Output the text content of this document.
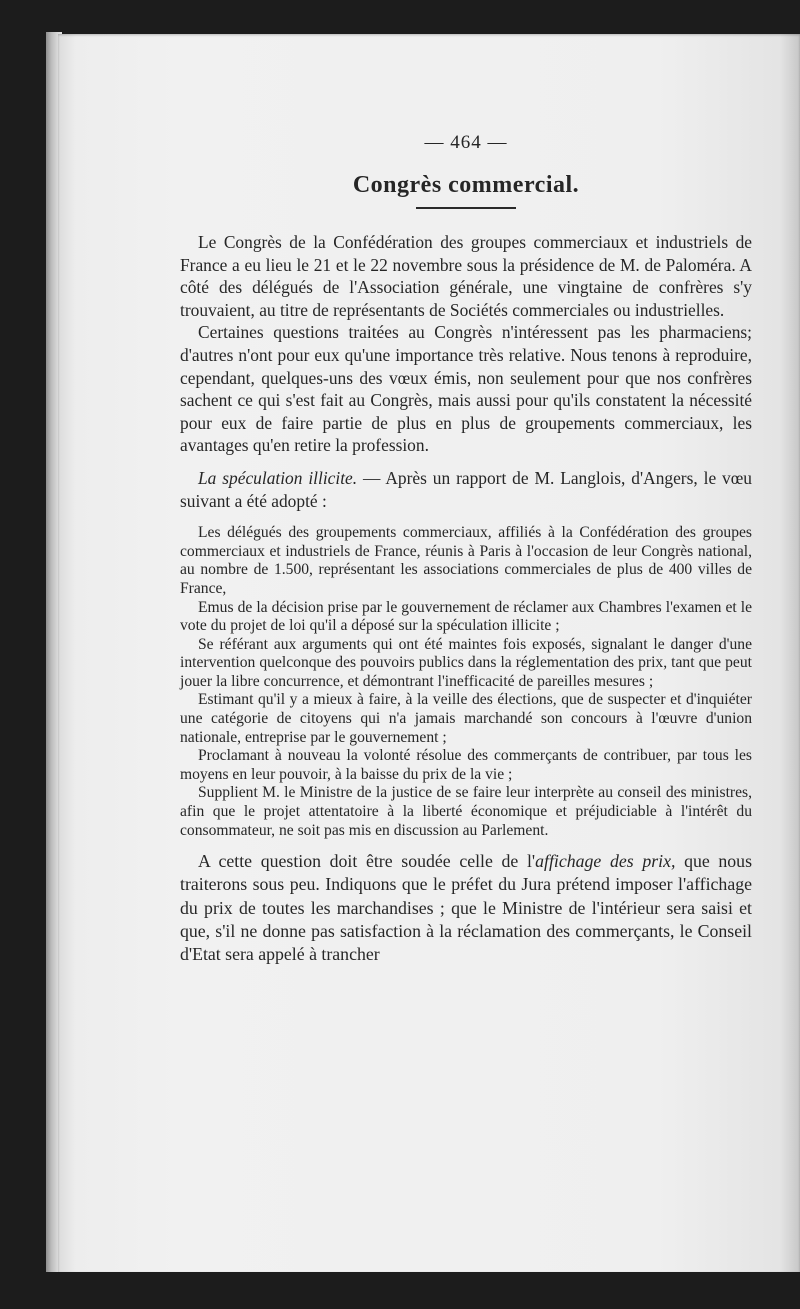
— 464 —
Congrès commercial.

Le Congrès de la Confédération des groupes commerciaux et industriels de France a eu lieu le 21 et le 22 novembre sous la présidence de M. de Paloméra. A côté des délégués de l'Association générale, une vingtaine de confrères s'y trouvaient, au titre de représentants de Sociétés commerciales ou industrielles.

Certaines questions traitées au Congrès n'intéressent pas les pharmaciens; d'autres n'ont pour eux qu'une importance très relative. Nous tenons à reproduire, cependant, quelques-uns des vœux émis, non seulement pour que nos confrères sachent ce qui s'est fait au Congrès, mais aussi pour qu'ils constatent la nécessité pour eux de faire partie de plus en plus de groupements commerciaux, les avantages qu'en retire la profession.

La spéculation illicite. — Après un rapport de M. Langlois, d'Angers, le vœu suivant a été adopté :

Les délégués des groupements commerciaux, affiliés à la Confédération des groupes commerciaux et industriels de France, réunis à Paris à l'occasion de leur Congrès national, au nombre de 1.500, représentant les associations commerciales de plus de 400 villes de France,

Emus de la décision prise par le gouvernement de réclamer aux Chambres l'examen et le vote du projet de loi qu'il a déposé sur la spéculation illicite ;

Se référant aux arguments qui ont été maintes fois exposés, signalant le danger d'une intervention quelconque des pouvoirs publics dans la réglementation des prix, tant que peut jouer la libre concurrence, et démontrant l'inefficacité de pareilles mesures ;

Estimant qu'il y a mieux à faire, à la veille des élections, que de suspecter et d'inquiéter une catégorie de citoyens qui n'a jamais marchandé son concours à l'œuvre d'union nationale, entreprise par le gouvernement ;

Proclamant à nouveau la volonté résolue des commerçants de contribuer, par tous les moyens en leur pouvoir, à la baisse du prix de la vie ;

Supplient M. le Ministre de la justice de se faire leur interprète au conseil des ministres, afin que le projet attentatoire à la liberté économique et préjudiciable à l'intérêt du consommateur, ne soit pas mis en discussion au Parlement.

A cette question doit être soudée celle de l'affichage des prix, que nous traiterons sous peu. Indiquons que le préfet du Jura prétend imposer l'affichage du prix de toutes les marchandises ; que le Ministre de l'intérieur sera saisi et que, s'il ne donne pas satisfaction à la réclamation des commerçants, le Conseil d'Etat sera appelé à trancher
